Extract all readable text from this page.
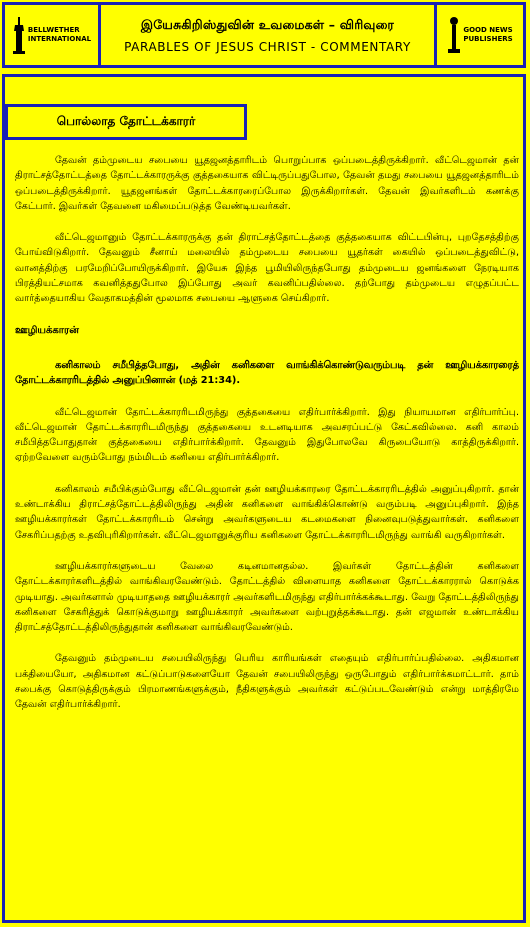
BELLWETHER
INTERNATIONAL
இயேசுகிறிஸ்துவின் உவமைகள் – விரிவுரை
PARABLES OF JESUS CHRIST - COMMENTARY
GOOD NEWS
PUBLISHERS
பொல்லாத தோட்டக்காரர்

தேவன் தம்முடைய சபையை யூதஜனத்தாரிடம் பொறுப்பாக ஒப்படைத்திருக்கிறார். வீட்டெஜமான் தன் திராட்சத்தோட்டத்தை தோட்டக்காரருக்கு குத்தகையாக விட்டிருப்பதுபோல, தேவன் தமது சபையை யூதஜனத்தாரிடம் ஒப்படைத்திருக்கிறார். யூதஜனங்கள் தோட்டக்காரரைப்போல இருக்கிறார்கள். தேவன் இவர்களிடம் கணக்கு கேட்பார். இவர்கள் தேவனை மகிமைப்படுத்த வேண்டியவர்கள்.

வீட்டெஜமானும் தோட்டக்காரருக்கு தன் திராட்சத்தோட்டத்தை குத்தகையாக விட்டபின்பு, புறதேசத்திற்கு போய்விடுகிறார். தேவனும் சீனாய் மலையில் தம்முடைய சபையை யூதர்கள் கையில் ஒப்படைத்துவிட்டு, வானத்திற்கு பரமேறிப்போயிருக்கிறார். இயேசு இந்த பூமியிலிருந்தபோது தம்முடைய ஜனங்களை நேரடியாக பிரத்தியட்சமாக கவனித்ததுபோல இப்போது அவர் கவனிப்பதில்லை. தற்போது தம்முடைய எழுதப்பட்ட வார்த்தையாகிய வேதாகமத்தின் மூலமாக சபையை ஆளுகை செய்கிறார்.

ஊழியக்காரன்

கனிகாலம் சமீபித்தபோது, அதின் கனிகளை வாங்கிக்கொண்டுவரும்படி தன் ஊழியக்காரரைத் தோட்டக்காரரிடத்தில் அனுப்பினான் (மத் 21:34).

வீட்டெஜமான் தோட்டக்காரரிடமிருந்து குத்தகையை எதிர்பார்க்கிறார். இது நியாயமான எதிர்பார்ப்பு. வீட்டெஜமான் தோட்டக்காரரிடமிருந்து குத்தகையை உடனடியாக அவசரப்பட்டு கேட்கவில்லை. கனி காலம் சமீபித்தபோதுதான் குத்தகையை எதிர்பார்க்கிறார். தேவனும் இதுபோலவே கிருபையோடு காத்திருக்கிறார். ஏற்றவேளை வரும்போது நம்மிடம் கனியை எதிர்பார்க்கிறார்.

கனிகாலம் சமீபிக்கும்போது வீட்டெஜமான் தன் ஊழியக்காரரை தோட்டக்காரரிடத்தில் அனுப்புகிறார். தான் உண்டாக்கிய திராட்சத்தோட்டத்திலிருந்து அதின் கனிகளை வாங்கிக்கொண்டு வரும்படி அனுப்புகிறார். இந்த ஊழியக்காரர்கள் தோட்டக்காரரிடம் சென்று அவர்களுடைய கடமைகளை நினைவுபடுத்துவார்கள். கனிகளை சேகரிப்பதற்கு உதவிபுரிகிறார்கள். வீட்டெஜமானுக்குரிய கனிகளை தோட்டக்காரரிடமிருந்து வாங்கி வருகிறார்கள்.

ஊழியக்காரர்களுடைய வேலை கடினமானதல்ல. இவர்கள் தோட்டத்தின் கனிகளை தோட்டக்காரர்களிடத்தில் வாங்கிவரவேண்டும். தோட்டத்தில் விளையாத கனிகளை தோட்டக்காரரால் கொடுக்க முடியாது. அவர்களால் முடியாததை ஊழியக்காரர் அவர்களிடமிருந்து எதிர்பார்க்கக்கூடாது. வேறு தோட்டத்திலிருந்து கனிகளை சேகரித்துக் கொடுக்குமாறு ஊழியக்காரர் அவர்களை வற்புறுத்தக்கூடாது. தன் எஜமான் உண்டாக்கிய திராட்சத்தோட்டத்திலிருந்துதான் கனிகளை வாங்கிவரவேண்டும்.

தேவனும் தம்முடைய சபையிலிருந்து பெரிய காரியங்கள் எதையும் எதிர்பார்ப்பதில்லை. அதிகமான பக்தியையோ, அதிகமான கட்டுப்பாடுகளையோ தேவன் சபையிலிருந்து ஒருபோதும் எதிர்பார்க்கமாட்டார். தாம் சபைக்கு கொடுத்திருக்கும் பிரமாணங்களுக்கும், நீதிகளுக்கும் அவர்கள் கட்டுப்படவேண்டும் என்று மாத்திரமே தேவன் எதிர்பார்க்கிறார்.
